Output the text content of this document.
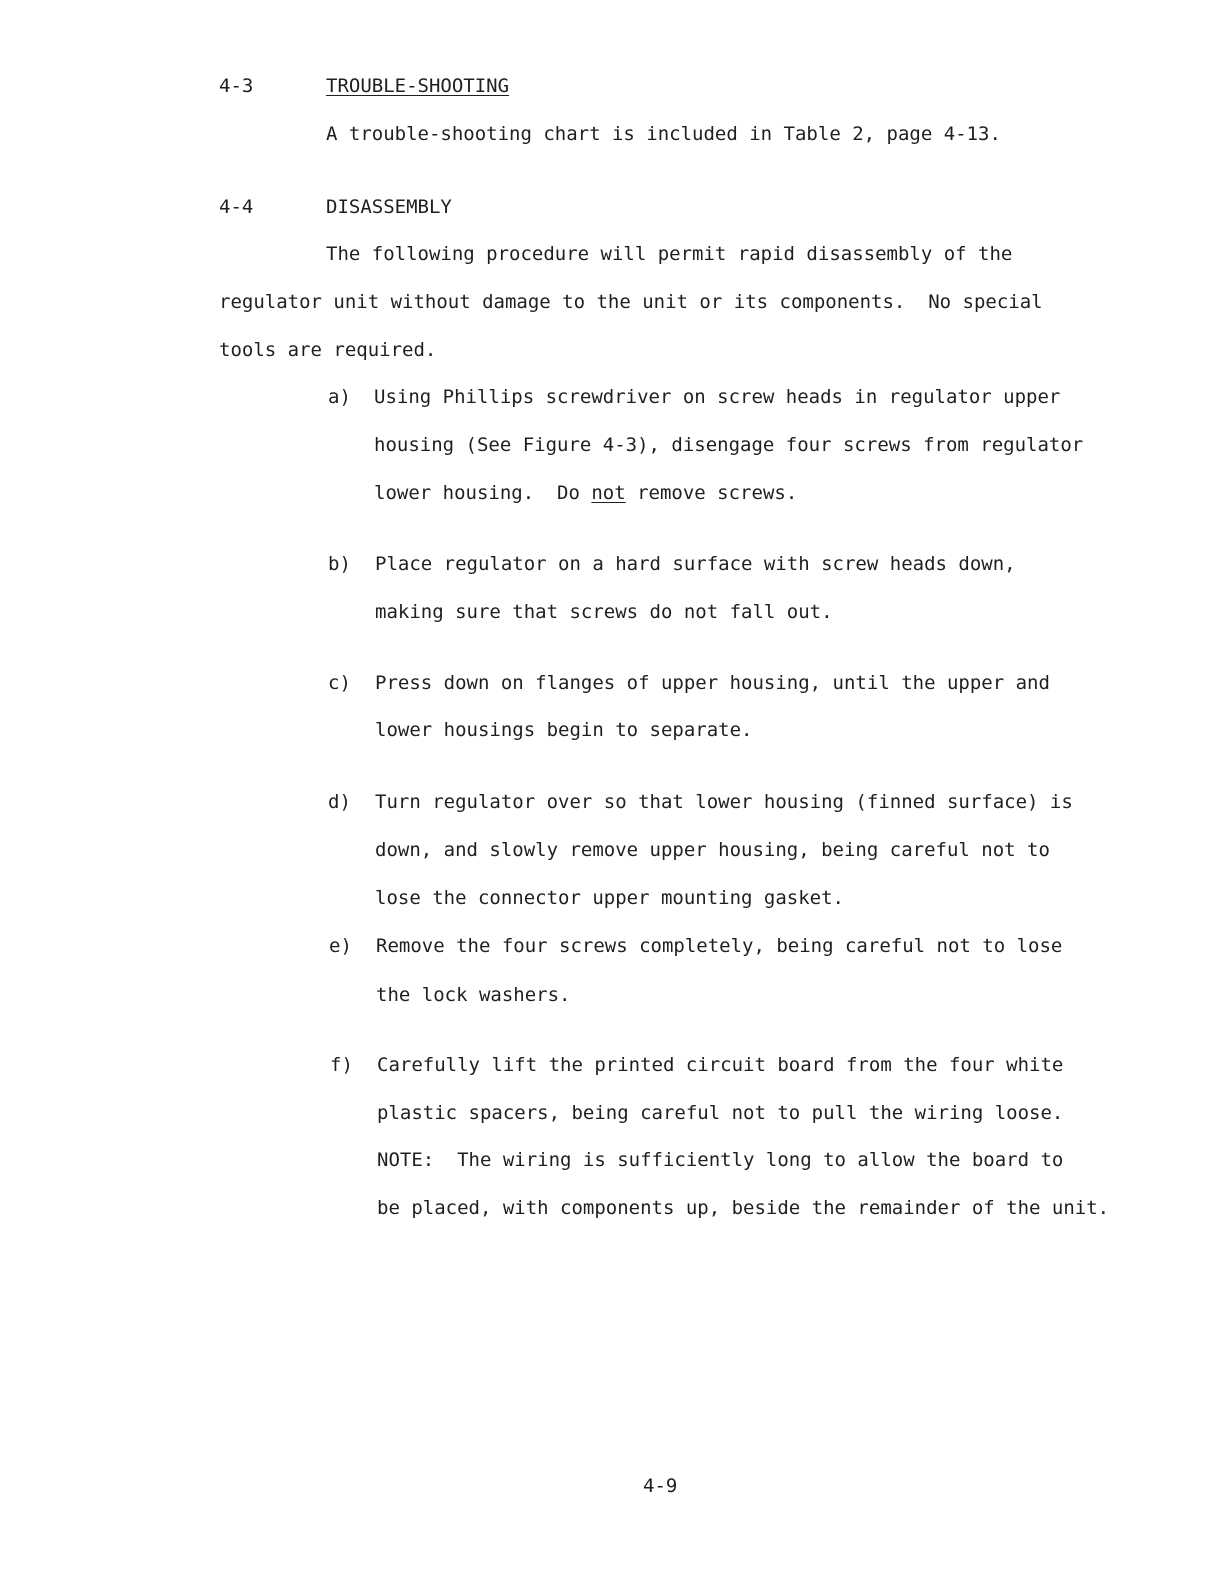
4-3	TROUBLE-SHOOTING
A trouble-shooting chart is included in Table 2, page 4-13.
4-4	DISASSEMBLY
The following procedure will permit rapid disassembly of the
regulator unit without damage to the unit or its components.  No special
tools are required.
a) Using Phillips screwdriver on screw heads in regulator upper
housing (See Figure 4-3), disengage four screws from regulator
lower housing.  Do not remove screws.
b) Place regulator on a hard surface with screw heads down,
making sure that screws do not fall out.
c) Press down on flanges of upper housing, until the upper and
lower housings begin to separate.
d) Turn regulator over so that lower housing (finned surface) is
down, and slowly remove upper housing, being careful not to
lose the connector upper mounting gasket.
e) Remove the four screws completely, being careful not to lose
the lock washers.
f) Carefully lift the printed circuit board from the four white
plastic spacers, being careful not to pull the wiring loose.
NOTE:  The wiring is sufficiently long to allow the board to
be placed, with components up, beside the remainder of the unit.
4-9
